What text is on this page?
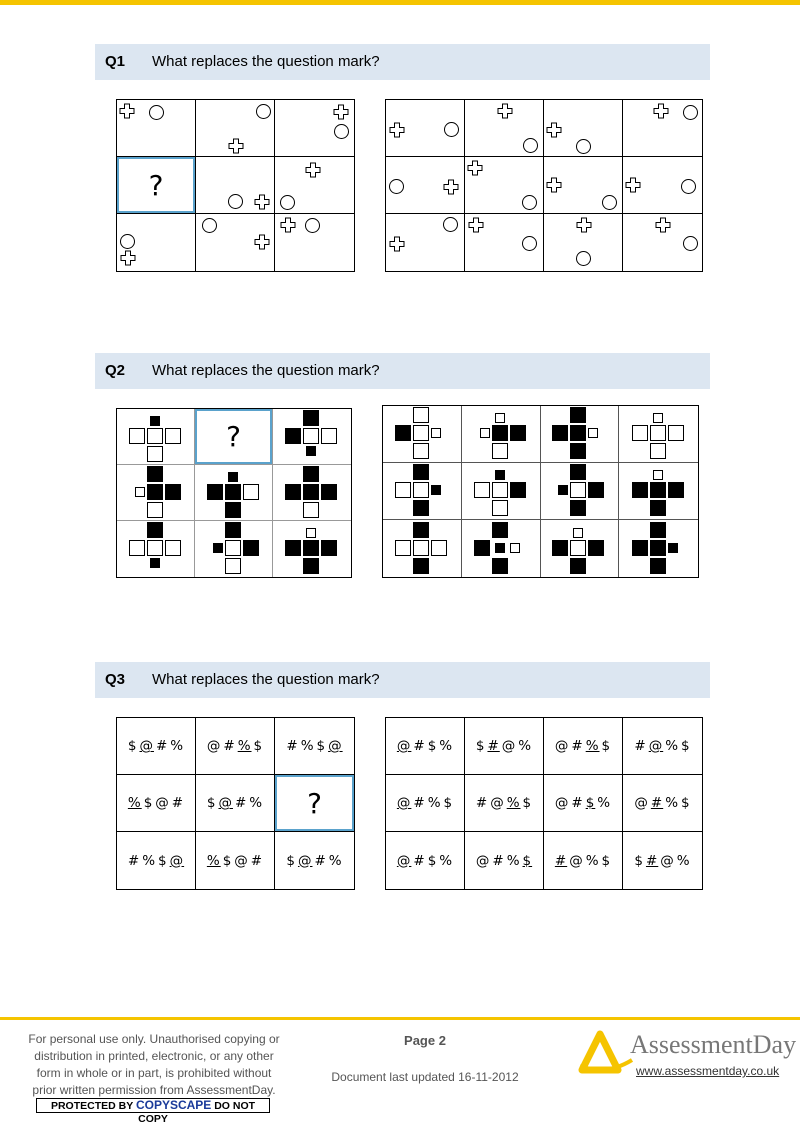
Q1 What replaces the question mark?
?
Q2 What replaces the question mark?
?
Q3 What replaces the question mark?
$ @ # % @ # % $ # % $ @
% $ @ # $ @ # %	?
# % $ @ % $ @ # $ @ # %
@ # $ % $ # @ % @ # % $ # @ % $
@ # % $ # @ % $ @ # $ % @ # % $
@ # $ % @ # % $ # @ % $ $ # @ %
For personal use only. Unauthorised copying or
distribution in printed, electronic, or any other
form in whole or in part, is prohibited without
prior written permission from AssessmentDay.
PROTECTED BY COPYSCAPE DO NOT COPY
Page 2
Document last updated 16-11-2012
AssessmentDay
www.assessmentday.co.uk
